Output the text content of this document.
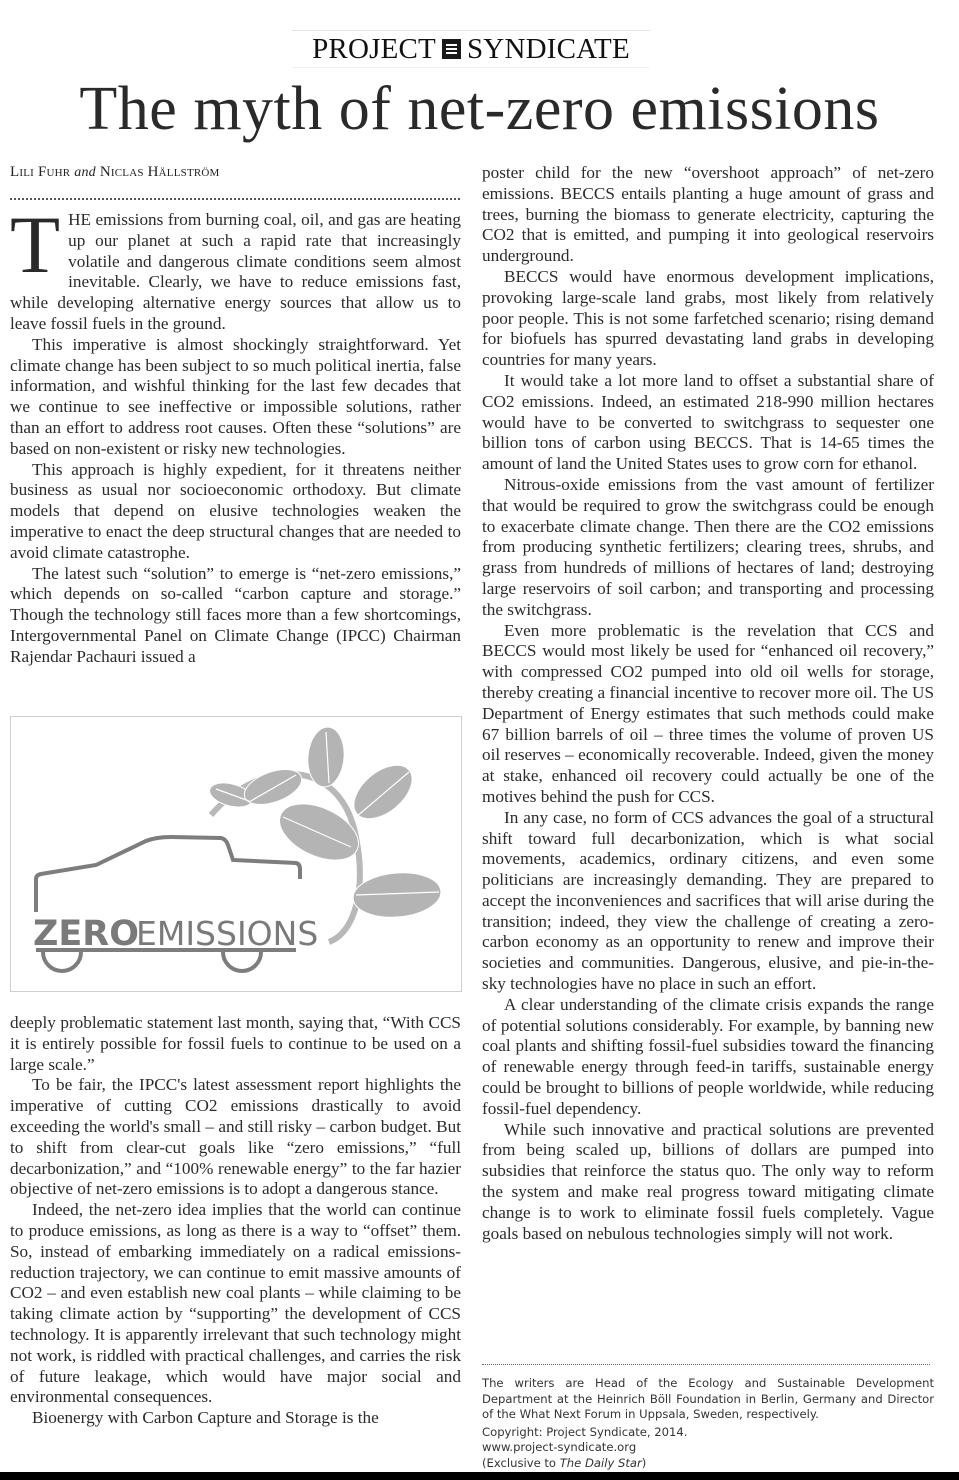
PROJECT SYNDICATE
The myth of net-zero emissions
Lili Fuhr and Niclas Hällström

THE emissions from burning coal, oil, and gas are heating up our planet at such a rapid rate that increasingly volatile and dangerous climate conditions seem almost inevitable. Clearly, we have to reduce emissions fast, while developing alternative energy sources that allow us to leave fossil fuels in the ground.

This imperative is almost shockingly straightforward. Yet climate change has been subject to so much political inertia, false information, and wishful thinking for the last few decades that we continue to see ineffective or impossible solutions, rather than an effort to address root causes. Often these “solutions” are based on non-existent or risky new technologies.

This approach is highly expedient, for it threatens neither business as usual nor socioeconomic orthodoxy. But climate models that depend on elusive technologies weaken the imperative to enact the deep structural changes that are needed to avoid climate catastrophe.

The latest such “solution” to emerge is “net-zero emissions,” which depends on so-called “carbon capture and storage.” Though the technology still faces more than a few shortcomings, Intergovernmental Panel on Climate Change (IPCC) Chairman Rajendar Pachauri issued a

ZERO
EMISSIONS

deeply problematic statement last month, saying that, “With CCS it is entirely possible for fossil fuels to continue to be used on a large scale.”

To be fair, the IPCC's latest assessment report highlights the imperative of cutting CO2 emissions drastically to avoid exceeding the world's small – and still risky – carbon budget. But to shift from clear-cut goals like “zero emissions,” “full decarbonization,” and “100% renewable energy” to the far hazier objective of net-zero emissions is to adopt a dangerous stance.

Indeed, the net-zero idea implies that the world can continue to produce emissions, as long as there is a way to “offset” them. So, instead of embarking immediately on a radical emissions-reduction trajectory, we can continue to emit massive amounts of CO2 – and even establish new coal plants – while claiming to be taking climate action by “supporting” the development of CCS technology. It is apparently irrelevant that such technology might not work, is riddled with practical challenges, and carries the risk of future leakage, which would have major social and environmental consequences.

Bioenergy with Carbon Capture and Storage is the

poster child for the new “overshoot approach” of net-zero emissions. BECCS entails planting a huge amount of grass and trees, burning the biomass to generate electricity, capturing the CO2 that is emitted, and pumping it into geological reservoirs underground.

BECCS would have enormous development implications, provoking large-scale land grabs, most likely from relatively poor people. This is not some farfetched scenario; rising demand for biofuels has spurred devastating land grabs in developing countries for many years.

It would take a lot more land to offset a substantial share of CO2 emissions. Indeed, an estimated 218-990 million hectares would have to be converted to switchgrass to sequester one billion tons of carbon using BECCS. That is 14-65 times the amount of land the United States uses to grow corn for ethanol.

Nitrous-oxide emissions from the vast amount of fertilizer that would be required to grow the switchgrass could be enough to exacerbate climate change. Then there are the CO2 emissions from producing synthetic fertilizers; clearing trees, shrubs, and grass from hundreds of millions of hectares of land; destroying large reservoirs of soil carbon; and transporting and processing the switchgrass.

Even more problematic is the revelation that CCS and BECCS would most likely be used for “enhanced oil recovery,” with compressed CO2 pumped into old oil wells for storage, thereby creating a financial incentive to recover more oil. The US Department of Energy estimates that such methods could make 67 billion barrels of oil – three times the volume of proven US oil reserves – economically recoverable. Indeed, given the money at stake, enhanced oil recovery could actually be one of the motives behind the push for CCS.

In any case, no form of CCS advances the goal of a structural shift toward full decarbonization, which is what social movements, academics, ordinary citizens, and even some politicians are increasingly demanding. They are prepared to accept the inconveniences and sacrifices that will arise during the transition; indeed, they view the challenge of creating a zero-carbon economy as an opportunity to renew and improve their societies and communities. Dangerous, elusive, and pie-in-the-sky technologies have no place in such an effort.

A clear understanding of the climate crisis expands the range of potential solutions considerably. For example, by banning new coal plants and shifting fossil-fuel subsidies toward the financing of renewable energy through feed-in tariffs, sustainable energy could be brought to billions of people worldwide, while reducing fossil-fuel dependency.

While such innovative and practical solutions are prevented from being scaled up, billions of dollars are pumped into subsidies that reinforce the status quo. The only way to reform the system and make real progress toward mitigating climate change is to work to eliminate fossil fuels completely. Vague goals based on nebulous technologies simply will not work.

The writers are Head of the Ecology and Sustainable Development Department at the Heinrich Böll Foundation in Berlin, Germany and Director of the What Next Forum in Uppsala, Sweden, respectively.
Copyright: Project Syndicate, 2014.
www.project-syndicate.org
(Exclusive to The Daily Star)
